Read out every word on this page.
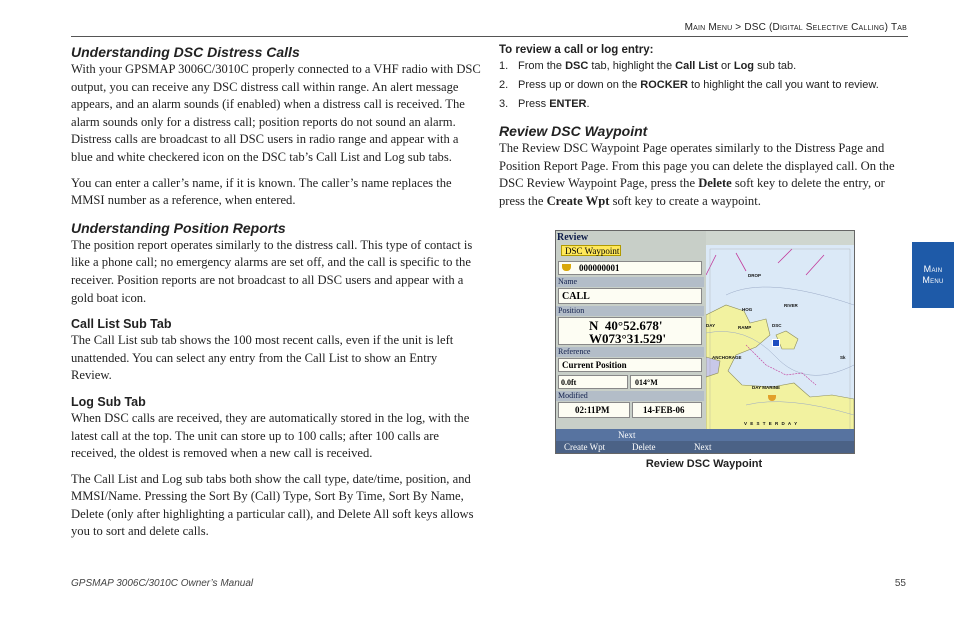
Main Menu > DSC (Digital Selective Calling) Tab
Main
Menu
Understanding DSC Distress Calls

With your GPSMAP 3006C/3010C properly connected to a VHF radio with DSC output, you can receive any DSC distress call within range. An alert message appears, and an alarm sounds (if enabled) when a distress call is received. The alarm sounds only for a distress call; position reports do not sound an alarm. Distress calls are broadcast to all DSC users in radio range and appear with a blue and white checkered icon on the DSC tab’s Call List and Log sub tabs.

You can enter a caller’s name, if it is known. The caller’s name replaces the MMSI number as a reference, when entered.

Understanding Position Reports

The position report operates similarly to the distress call. This type of contact is like a phone call; no emergency alarms are set off, and the call is specific to the receiver. Position reports are not broadcast to all DSC users and appear with a gold boat icon.

Call List Sub Tab

The Call List sub tab shows the 100 most recent calls, even if the unit is left unattended. You can select any entry from the Call List to show an Entry Review.

Log Sub Tab

When DSC calls are received, they are automatically stored in the log, with the latest call at the top. The unit can store up to 100 calls; after 100 calls are received, the oldest is removed when a new call is received.

The Call List and Log sub tabs both show the call type, date/time, position, and MMSI/Name. Pressing the Sort By (Call) Type, Sort By Time, Sort By Name, Delete (only after highlighting a particular call), and Delete All soft keys allows you to sort and delete calls.

To review a call or log entry:
1. From the DSC tab, highlight the Call List or Log sub tab.
2. Press up or down on the ROCKER to highlight the call you want to review.
3. Press ENTER.
Review DSC Waypoint

The Review DSC Waypoint Page operates similarly to the Distress Page and Position Report Page. From this page you can delete the displayed call. On the DSC Review Waypoint Page, press the Delete soft key to delete the entry, or press the Create Wpt soft key to create a waypoint.

Review
DSC Waypoint
000000001
Name
CALL
Position
N  40°52.678'
W073°31.529'
Reference
Current Position
0.0ft	014°M
Modified
02:11PM	14-FEB-06
DROP
RIVER
HOG
DSC
DAY	RAMP
ANCHORAGE
DAY MARINE
Sk
V E S T E R D A Y
Next
Create Wpt	Delete	Next
Review DSC Waypoint
GPSMAP 3006C/3010C Owner’s Manual	55
